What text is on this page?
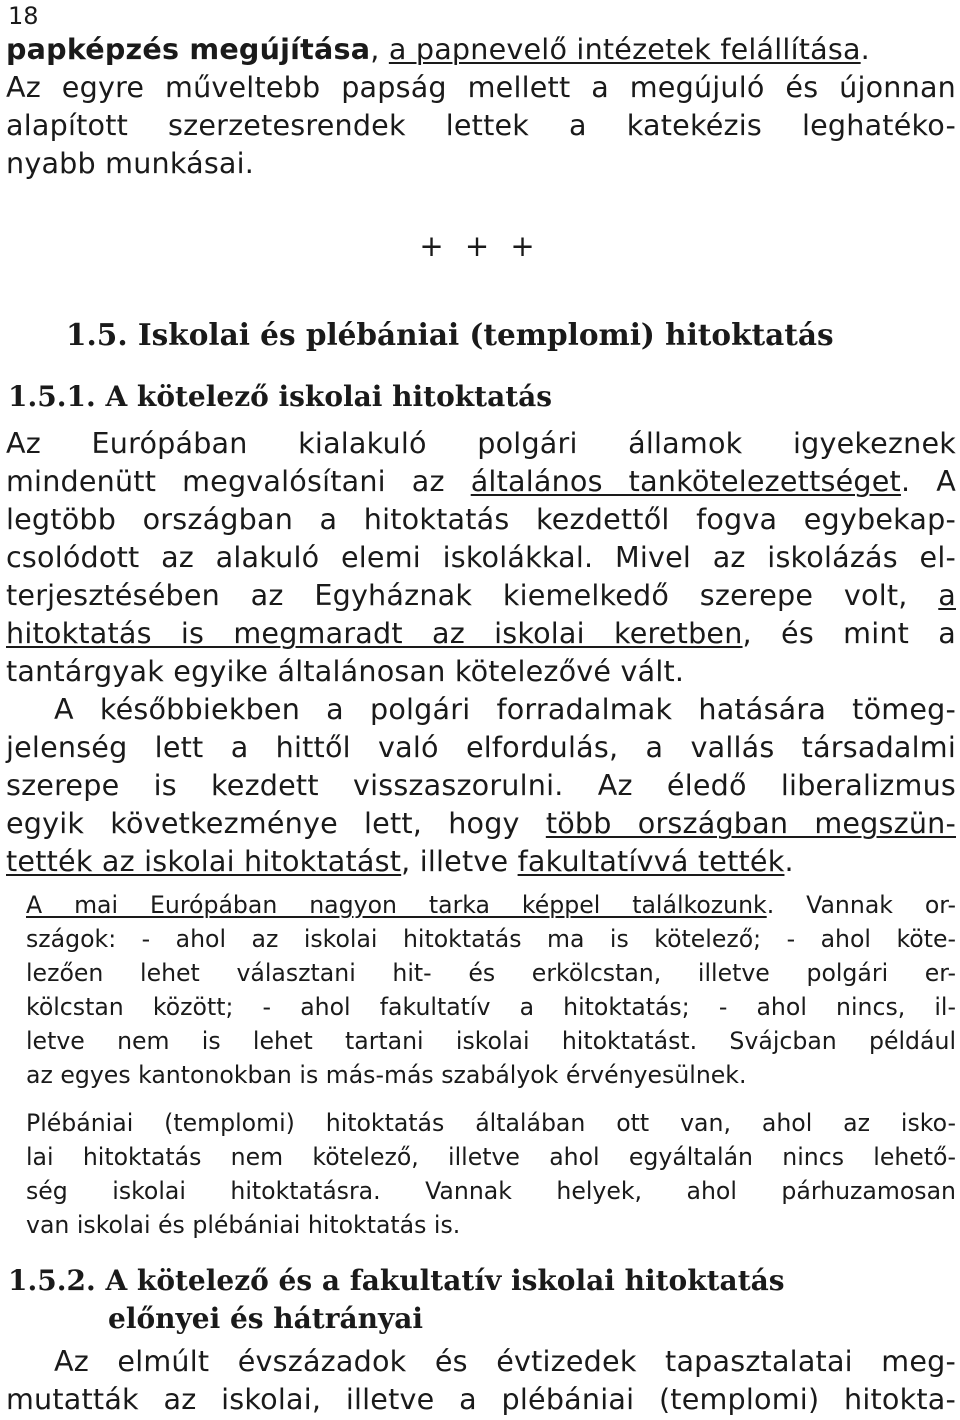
18
papképzés megújítása, a papnevelő intézetek felállítása.
Az egyre műveltebb papság mellett a megújuló és újonnan
alapított szerzetesrendek lettek a katekézis leghatéko-
nyabb munkásai.
+ + +
1.5. Iskolai és plébániai (templomi) hitoktatás
1.5.1. A kötelező iskolai hitoktatás
Az Európában kialakuló polgári államok igyekeznek
mindenütt megvalósítani az általános tankötelezettséget. A
legtöbb országban a hitoktatás kezdettől fogva egybekap-
csolódott az alakuló elemi iskolákkal. Mivel az iskolázás el-
terjesztésében az Egyháznak kiemelkedő szerepe volt, a
hitoktatás is megmaradt az iskolai keretben, és mint a
tantárgyak egyike általánosan kötelezővé vált.
A későbbiekben a polgári forradalmak hatására tömeg-
jelenség lett a hittől való elfordulás, a vallás társadalmi
szerepe is kezdett visszaszorulni. Az éledő liberalizmus
egyik következménye lett, hogy több országban megszün-
tették az iskolai hitoktatást, illetve fakultatívvá tették.
A mai Európában nagyon tarka képpel találkozunk. Vannak or-
szágok: - ahol az iskolai hitoktatás ma is kötelező; - ahol köte-
lezően lehet választani hit- és erkölcstan, illetve polgári er-
kölcstan között; - ahol fakultatív a hitoktatás; - ahol nincs, il-
letve nem is lehet tartani iskolai hitoktatást. Svájcban például
az egyes kantonokban is más-más szabályok érvényesülnek.
Plébániai (templomi) hitoktatás általában ott van, ahol az isko-
lai hitoktatás nem kötelező, illetve ahol egyáltalán nincs lehető-
ség iskolai hitoktatásra. Vannak helyek, ahol párhuzamosan
van iskolai és plébániai hitoktatás is.
1.5.2. A kötelező és a fakultatív iskolai hitoktatás
előnyei és hátrányai
Az elmúlt évszázadok és évtizedek tapasztalatai meg-
mutatták az iskolai, illetve a plébániai (templomi) hitokta-
